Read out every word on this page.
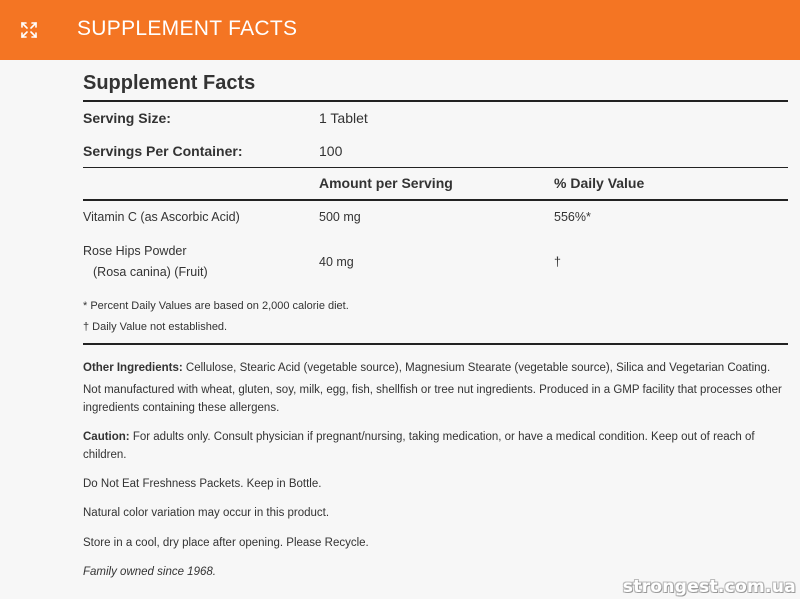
SUPPLEMENT FACTS
Supplement Facts
Serving Size:	1 Tablet
Servings Per Container:	100
Amount per Serving	% Daily Value
Vitamin C (as Ascorbic Acid)	500 mg	556%*
Rose Hips Powder
(Rosa canina) (Fruit)
40 mg	†
* Percent Daily Values are based on 2,000 calorie diet.
† Daily Value not established.
Other Ingredients: Cellulose, Stearic Acid (vegetable source), Magnesium Stearate (vegetable source), Silica and Vegetarian Coating.
Not manufactured with wheat, gluten, soy, milk, egg, fish, shellfish or tree nut ingredients. Produced in a GMP facility that processes other ingredients containing these allergens.
Caution: For adults only. Consult physician if pregnant/nursing, taking medication, or have a medical condition. Keep out of reach of children.
Do Not Eat Freshness Packets. Keep in Bottle.
Natural color variation may occur in this product.
Store in a cool, dry place after opening. Please Recycle.
Family owned since 1968.
strongest.com.ua
